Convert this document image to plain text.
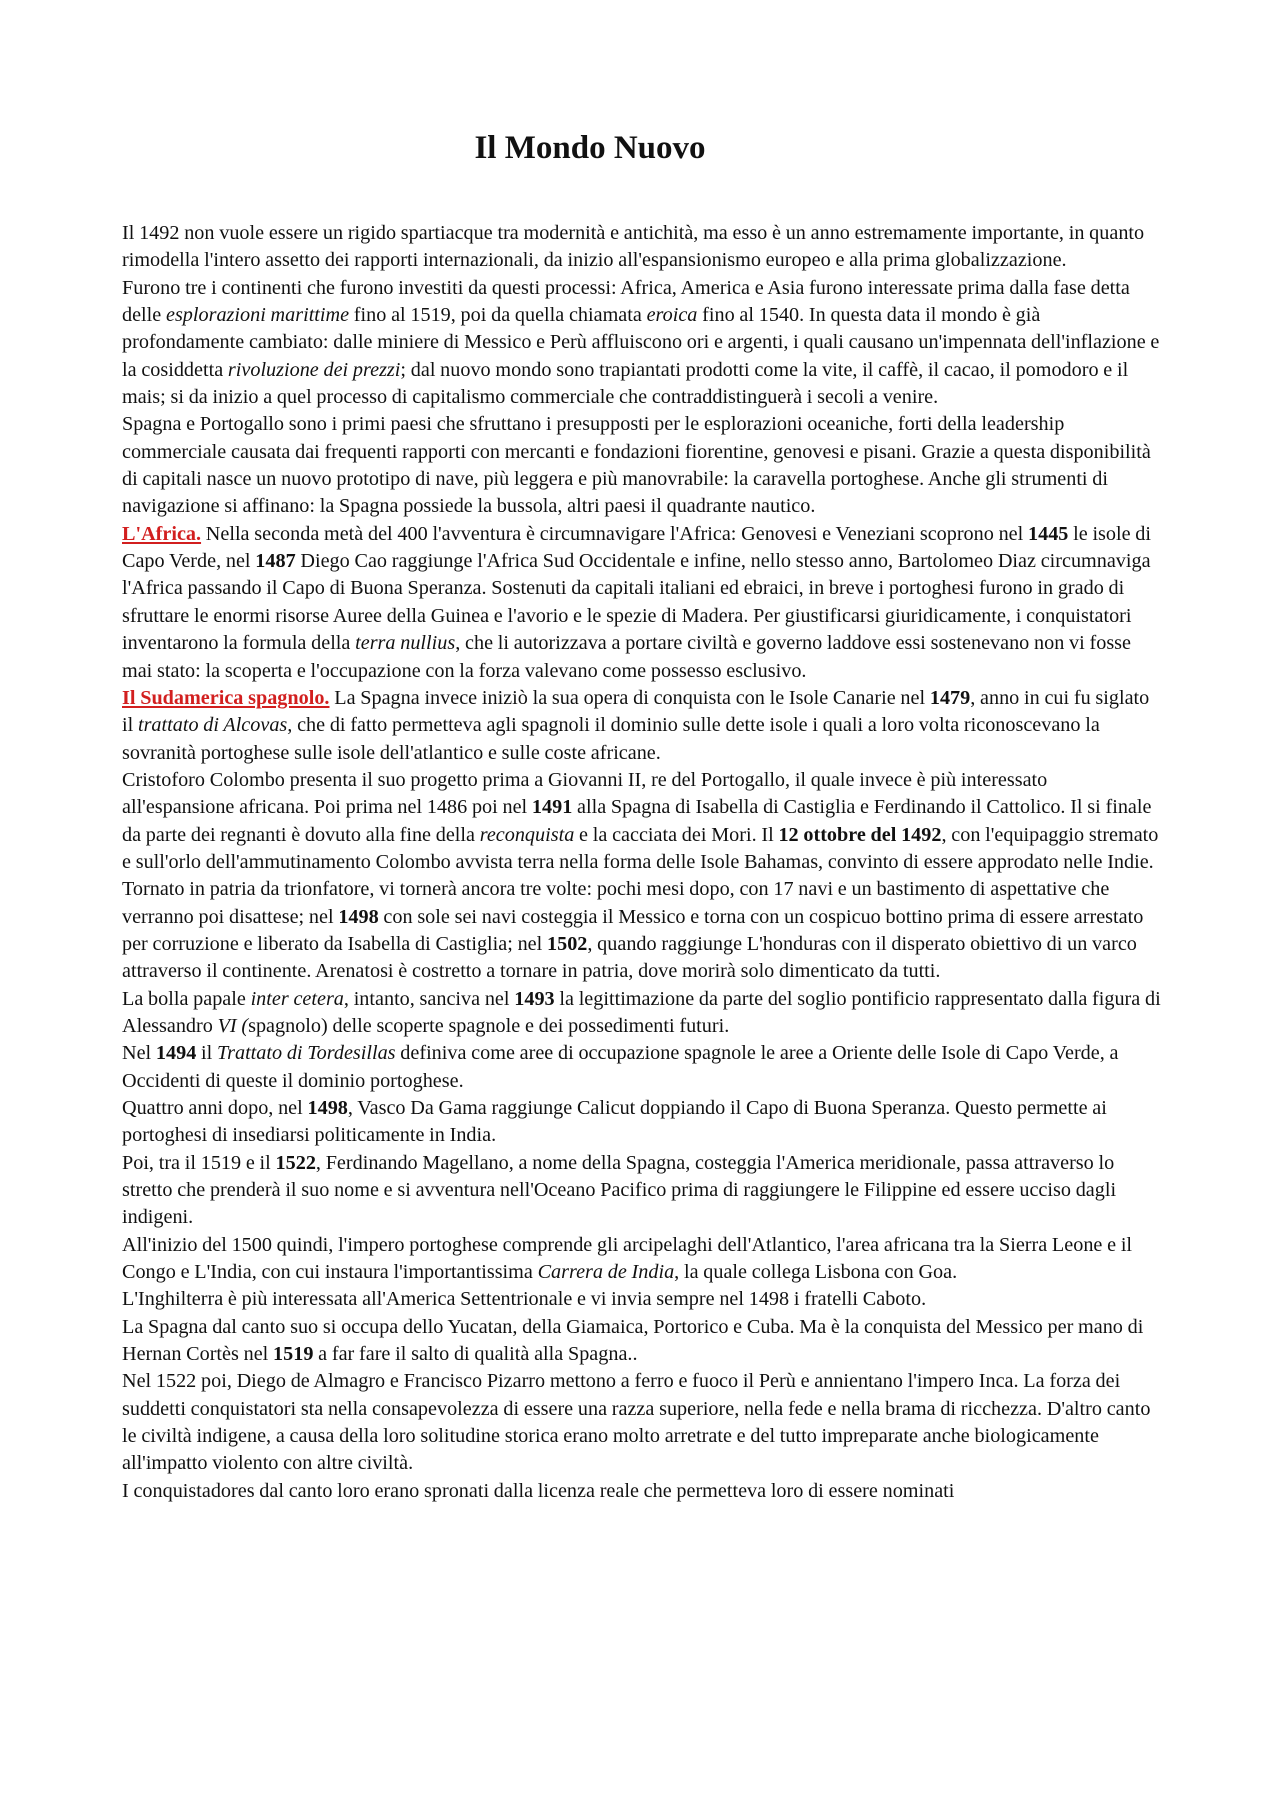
Il Mondo Nuovo

Il 1492 non vuole essere un rigido spartiacque tra modernità e antichità, ma esso è un anno estremamente importante, in quanto rimodella l'intero assetto dei rapporti internazionali, da inizio all'espansionismo europeo e alla prima globalizzazione.

Furono tre i continenti che furono investiti da questi processi: Africa, America e Asia furono interessate prima dalla fase detta delle esplorazioni marittime fino al 1519, poi da quella chiamata eroica fino al 1540. In questa data il mondo è già profondamente cambiato: dalle miniere di Messico e Perù affluiscono ori e argenti, i quali causano un'impennata dell'inflazione e la cosiddetta rivoluzione dei prezzi; dal nuovo mondo sono trapiantati prodotti come la vite, il caffè, il cacao, il pomodoro e il mais; si da inizio a quel processo di capitalismo commerciale che contraddistinguerà i secoli a venire.

Spagna e Portogallo sono i primi paesi che sfruttano i presupposti per le esplorazioni oceaniche, forti della leadership commerciale causata dai frequenti rapporti con mercanti e fondazioni fiorentine, genovesi e pisani. Grazie a questa disponibilità di capitali nasce un nuovo prototipo di nave, più leggera e più manovrabile: la caravella portoghese. Anche gli strumenti di navigazione si affinano: la Spagna possiede la bussola, altri paesi il quadrante nautico.

L'Africa. Nella seconda metà del 400 l'avventura è circumnavigare l'Africa: Genovesi e Veneziani scoprono nel 1445 le isole di Capo Verde, nel 1487 Diego Cao raggiunge l'Africa Sud Occidentale e infine, nello stesso anno, Bartolomeo Diaz circumnaviga l'Africa passando il Capo di Buona Speranza. Sostenuti da capitali italiani ed ebraici, in breve i portoghesi furono in grado di sfruttare le enormi risorse Auree della Guinea e l'avorio e le spezie di Madera. Per giustificarsi giuridicamente, i conquistatori inventarono la formula della terra nullius, che li autorizzava a portare civiltà e governo laddove essi sostenevano non vi fosse mai stato: la scoperta e l'occupazione con la forza valevano come possesso esclusivo.

Il Sudamerica spagnolo. La Spagna invece iniziò la sua opera di conquista con le Isole Canarie nel 1479, anno in cui fu siglato il trattato di Alcovas, che di fatto permetteva agli spagnoli il dominio sulle dette isole i quali a loro volta riconoscevano la sovranità portoghese sulle isole dell'atlantico e sulle coste africane.

Cristoforo Colombo presenta il suo progetto prima a Giovanni II, re del Portogallo, il quale invece è più interessato all'espansione africana. Poi prima nel 1486 poi nel 1491 alla Spagna di Isabella di Castiglia e Ferdinando il Cattolico. Il si finale da parte dei regnanti è dovuto alla fine della reconquista e la cacciata dei Mori. Il 12 ottobre del 1492, con l'equipaggio stremato e sull'orlo dell'ammutinamento Colombo avvista terra nella forma delle Isole Bahamas, convinto di essere approdato nelle Indie.

Tornato in patria da trionfatore, vi tornerà ancora tre volte: pochi mesi dopo, con 17 navi e un bastimento di aspettative che verranno poi disattese; nel 1498 con sole sei navi costeggia il Messico e torna con un cospicuo bottino prima di essere arrestato per corruzione e liberato da Isabella di Castiglia; nel 1502, quando raggiunge L'honduras con il disperato obiettivo di un varco attraverso il continente. Arenatosi è costretto a tornare in patria, dove morirà solo dimenticato da tutti.

La bolla papale inter cetera, intanto, sanciva nel 1493 la legittimazione da parte del soglio pontificio rappresentato dalla figura di Alessandro VI (spagnolo) delle scoperte spagnole e dei possedimenti futuri.

Nel 1494 il Trattato di Tordesillas definiva come aree di occupazione spagnole le aree a Oriente delle Isole di Capo Verde, a Occidenti di queste il dominio portoghese.

Quattro anni dopo, nel 1498, Vasco Da Gama raggiunge Calicut doppiando il Capo di Buona Speranza. Questo permette ai portoghesi di insediarsi politicamente in India.

Poi, tra il 1519 e il 1522, Ferdinando Magellano, a nome della Spagna, costeggia l'America meridionale, passa attraverso lo stretto che prenderà il suo nome e si avventura nell'Oceano Pacifico prima di raggiungere le Filippine ed essere ucciso dagli indigeni.

All'inizio del 1500 quindi, l'impero portoghese comprende gli arcipelaghi dell'Atlantico, l'area africana tra la Sierra Leone e il Congo e L'India, con cui instaura l'importantissima Carrera de India, la quale collega Lisbona con Goa.

L'Inghilterra è più interessata all'America Settentrionale e vi invia sempre nel 1498 i fratelli Caboto.

La Spagna dal canto suo si occupa dello Yucatan, della Giamaica, Portorico e Cuba. Ma è la conquista del Messico per mano di Hernan Cortès nel 1519 a far fare il salto di qualità alla Spagna..

Nel 1522 poi, Diego de Almagro e Francisco Pizarro mettono a ferro e fuoco il Perù e annientano l'impero Inca. La forza dei suddetti conquistatori sta nella consapevolezza di essere una razza superiore, nella fede e nella brama di ricchezza. D'altro canto le civiltà indigene, a causa della loro solitudine storica erano molto arretrate e del tutto impreparate anche biologicamente all'impatto violento con altre civiltà.

I conquistadores dal canto loro erano spronati dalla licenza reale che permetteva loro di essere nominati
